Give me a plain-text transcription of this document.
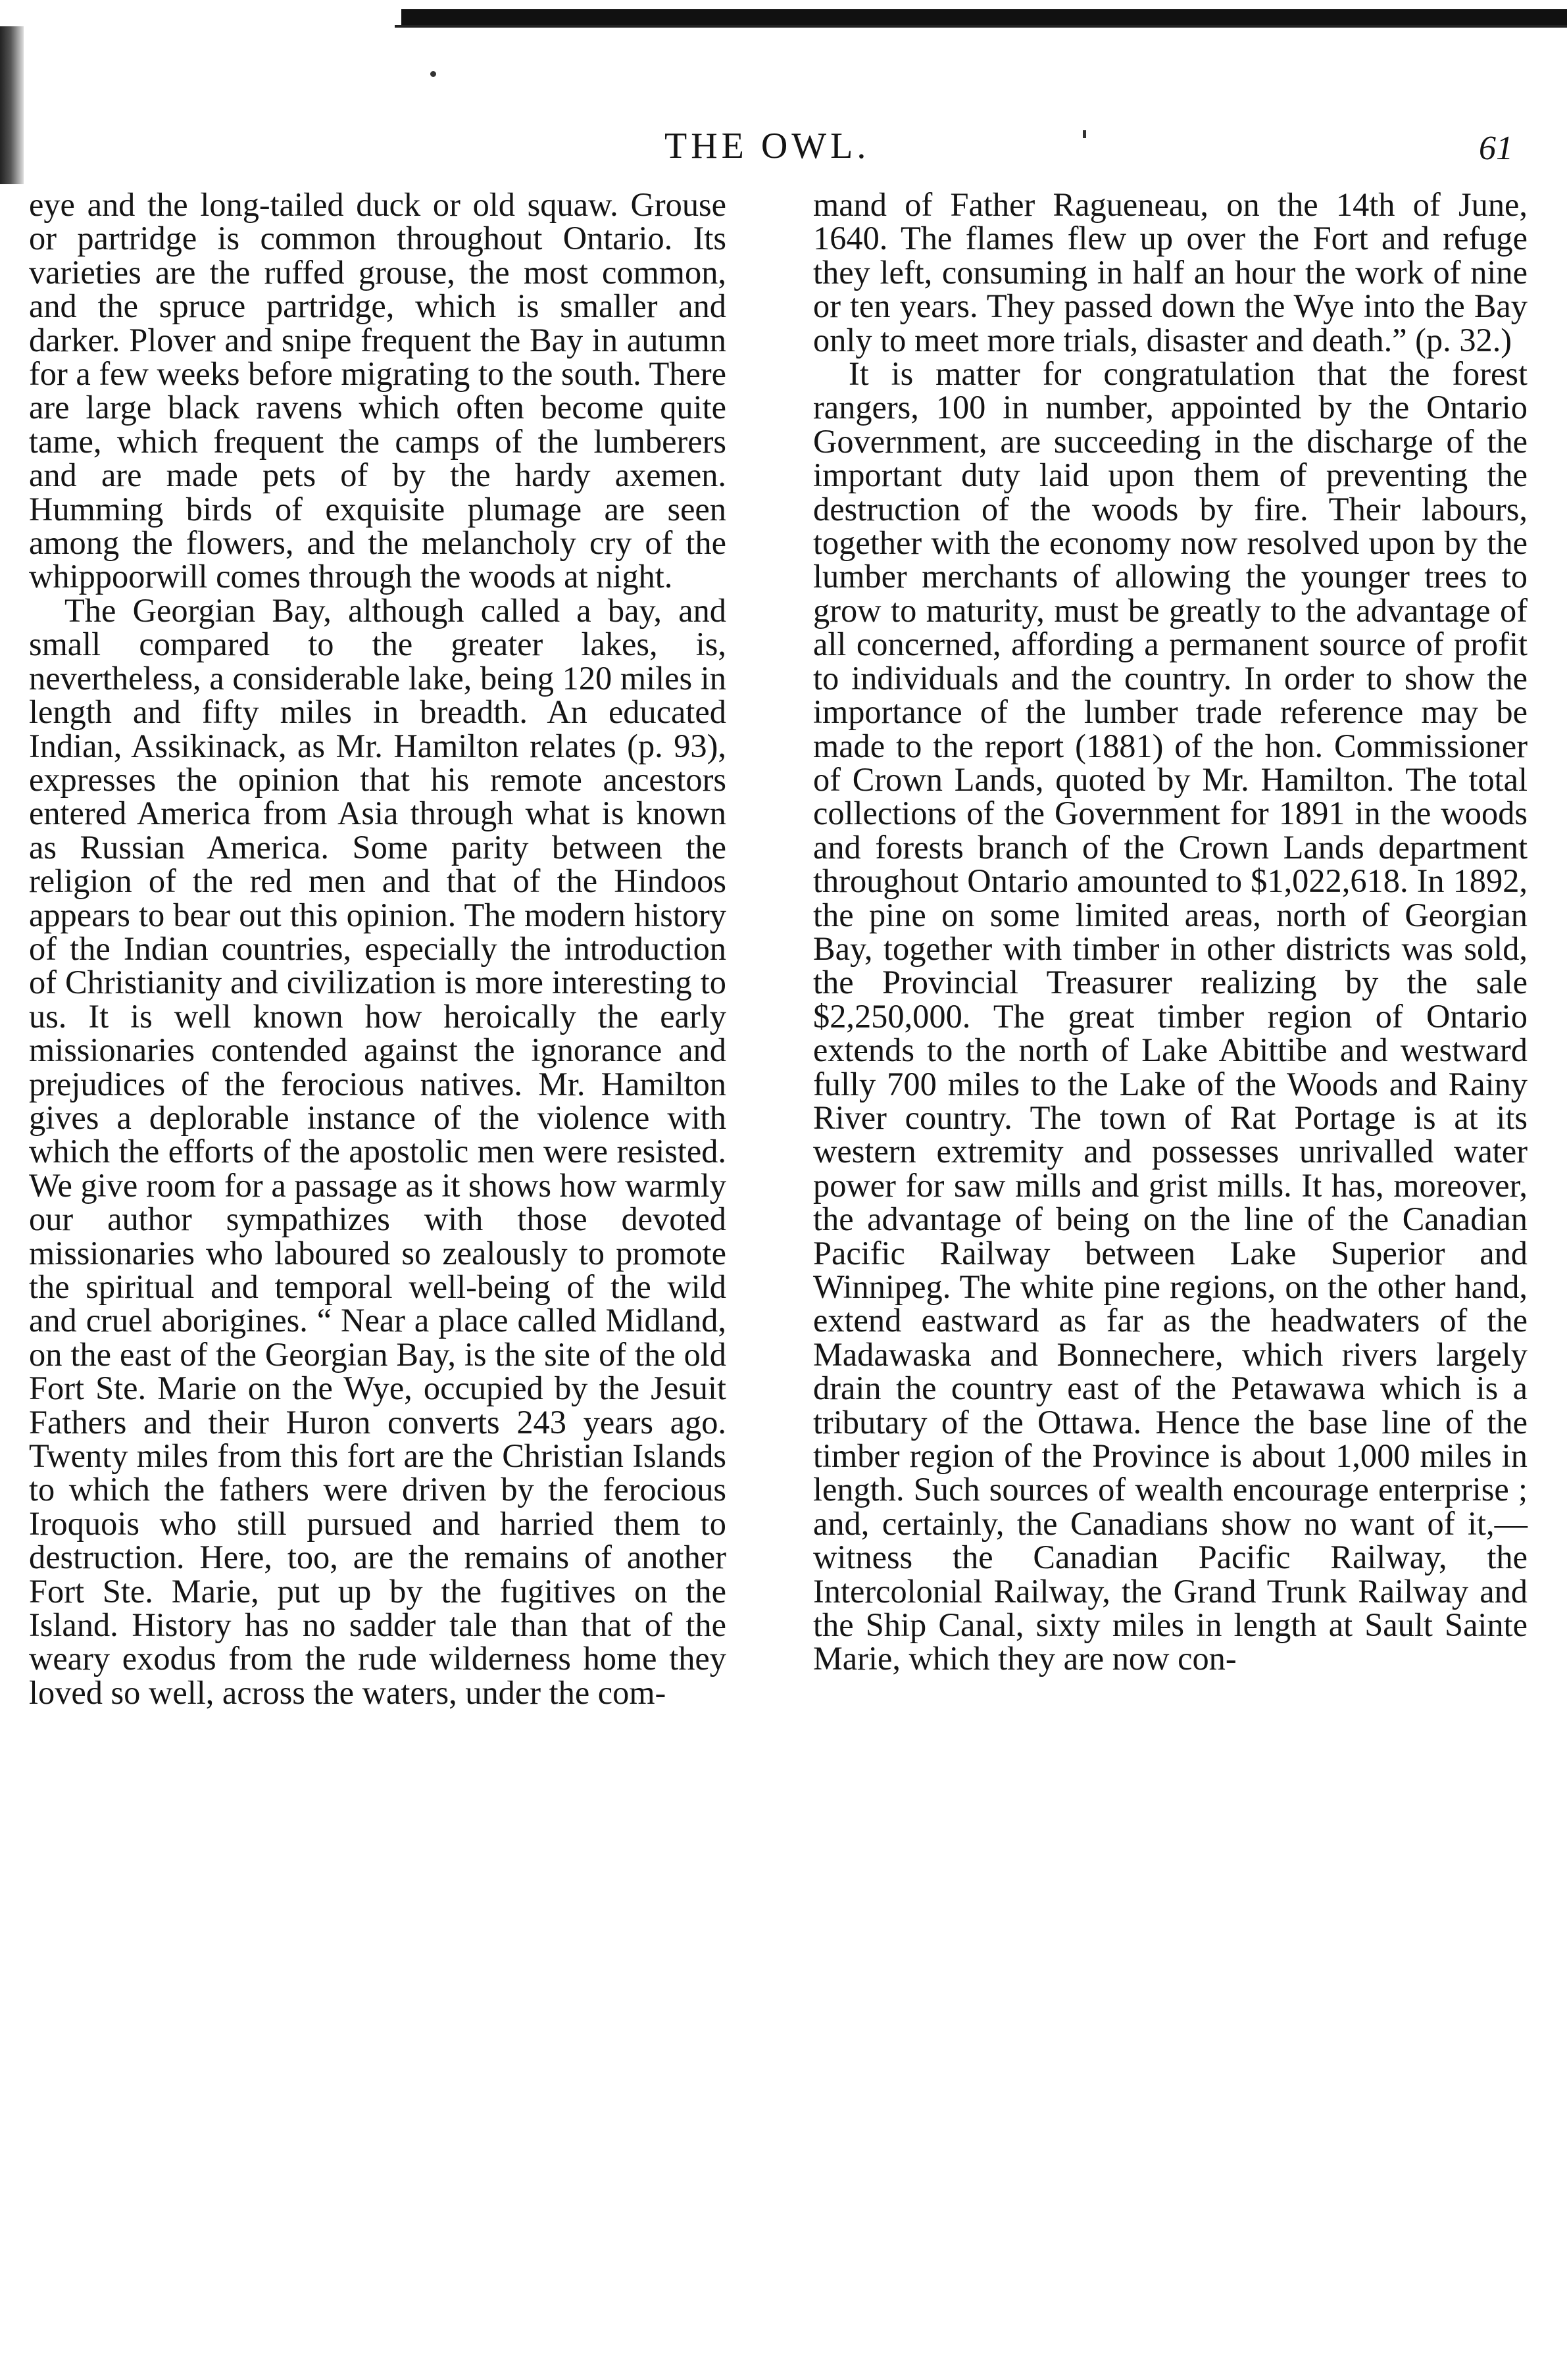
THE OWL.	61

eye and the long-tailed duck or old squaw. Grouse or partridge is common throughout Ontario. Its varieties are the ruffed grouse, the most common, and the spruce partridge, which is smaller and darker. Plover and snipe frequent the Bay in autumn for a few weeks before migrating to the south. There are large black ravens which often become quite tame, which frequent the camps of the lumberers and are made pets of by the hardy axemen. Humming birds of exquisite plumage are seen among the flowers, and the melancholy cry of the whippoorwill comes through the woods at night.

The Georgian Bay, although called a bay, and small compared to the greater lakes, is, nevertheless, a considerable lake, being 120 miles in length and fifty miles in breadth. An educated Indian, Assikinack, as Mr. Hamilton relates (p. 93), expresses the opinion that his remote ancestors entered America from Asia through what is known as Russian America. Some parity between the religion of the red men and that of the Hindoos appears to bear out this opinion. The modern history of the Indian countries, especially the introduction of Christianity and civilization is more interesting to us. It is well known how heroically the early missionaries contended against the ignorance and prejudices of the ferocious natives. Mr. Hamilton gives a deplorable instance of the violence with which the efforts of the apostolic men were resisted. We give room for a passage as it shows how warmly our author sympathizes with those devoted missionaries who laboured so zealously to promote the spiritual and temporal well-being of the wild and cruel aborigines. “ Near a place called Midland, on the east of the Georgian Bay, is the site of the old Fort Ste. Marie on the Wye, occupied by the Jesuit Fathers and their Huron converts 243 years ago. Twenty miles from this fort are the Christian Islands to which the fathers were driven by the ferocious Iroquois who still pursued and harried them to destruction. Here, too, are the remains of another Fort Ste. Marie, put up by the fugitives on the Island. History has no sadder tale than that of the weary exodus from the rude wilderness home they loved so well, across the waters, under the com-

mand of Father Ragueneau, on the 14th of June, 1640. The flames flew up over the Fort and refuge they left, consuming in half an hour the work of nine or ten years. They passed down the Wye into the Bay only to meet more trials, disaster and death.” (p. 32.)

It is matter for congratulation that the forest rangers, 100 in number, appointed by the Ontario Government, are succeeding in the discharge of the important duty laid upon them of preventing the destruction of the woods by fire. Their labours, together with the economy now resolved upon by the lumber merchants of allowing the younger trees to grow to maturity, must be greatly to the advantage of all concerned, affording a permanent source of profit to individuals and the country. In order to show the importance of the lumber trade reference may be made to the report (1881) of the hon. Commissioner of Crown Lands, quoted by Mr. Hamilton. The total collections of the Government for 1891 in the woods and forests branch of the Crown Lands department throughout Ontario amounted to $1,022,618. In 1892, the pine on some limited areas, north of Georgian Bay, together with timber in other districts was sold, the Provincial Treasurer realizing by the sale $2,250,000. The great timber region of Ontario extends to the north of Lake Abittibe and westward fully 700 miles to the Lake of the Woods and Rainy River country. The town of Rat Portage is at its western extremity and possesses unrivalled water power for saw mills and grist mills. It has, moreover, the advantage of being on the line of the Canadian Pacific Railway between Lake Superior and Winnipeg. The white pine regions, on the other hand, extend eastward as far as the headwaters of the Madawaska and Bonnechere, which rivers largely drain the country east of the Petawawa which is a tributary of the Ottawa. Hence the base line of the timber region of the Province is about 1,000 miles in length. Such sources of wealth encourage enterprise ; and, certainly, the Canadians show no want of it,—witness the Canadian Pacific Railway, the Intercolonial Railway, the Grand Trunk Railway and the Ship Canal, sixty miles in length at Sault Sainte Marie, which they are now con-
